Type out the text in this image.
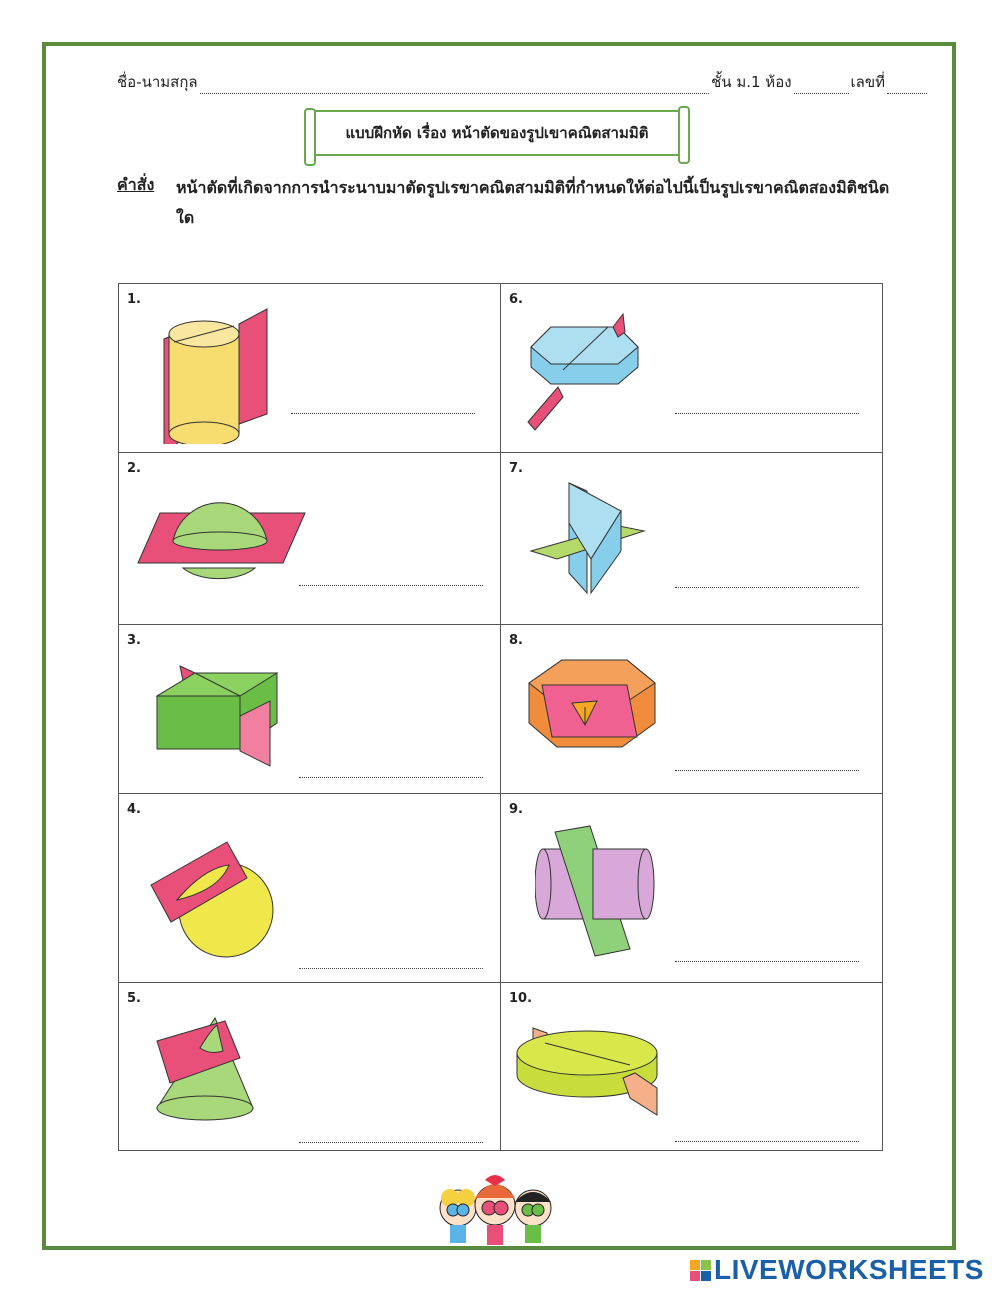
ชื่อ-นามสกุล	ชั้น ม.1 ห้อง	เลขที่
แบบฝึกหัด เรื่อง หน้าตัดของรูปเขาคณิตสามมิติ
คำสั่ง หน้าตัดที่เกิดจากการนำระนาบมาตัดรูปเรขาคณิตสามมิติที่กำหนดให้ต่อไปนี้เป็นรูปเรขาคณิตสองมิติชนิดใด
1.	6.
2.	7.
3.	8.
4.	9.
5.	10.
LIVEWORKSHEETS
